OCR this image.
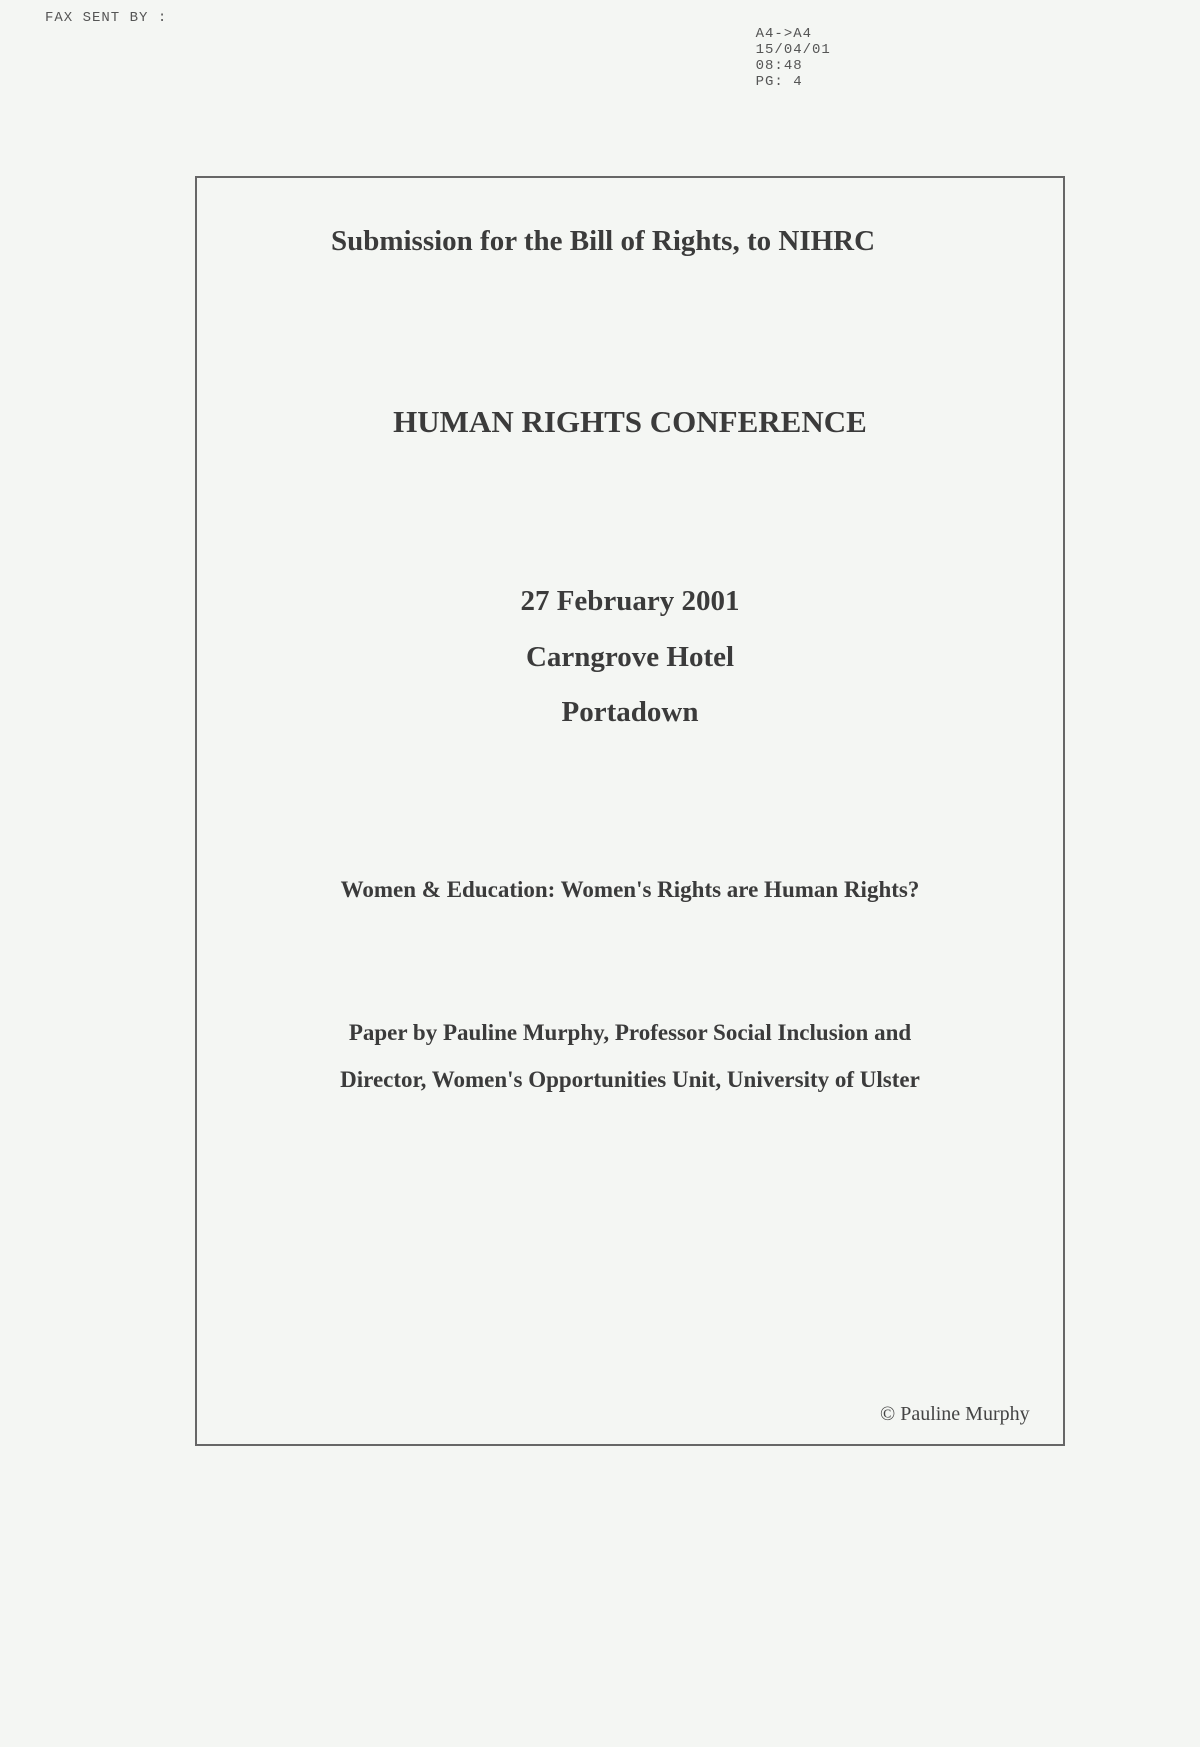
FAX SENT BY :

A4->A4
15/04/01
08:48
PG: 4

Submission for the Bill of Rights, to NIHRC
HUMAN RIGHTS CONFERENCE
27 February 2001
Carngrove Hotel
Portadown
Women & Education: Women's Rights are Human Rights?
Paper by Pauline Murphy, Professor Social Inclusion and
Director, Women's Opportunities Unit, University of Ulster
© Pauline Murphy
